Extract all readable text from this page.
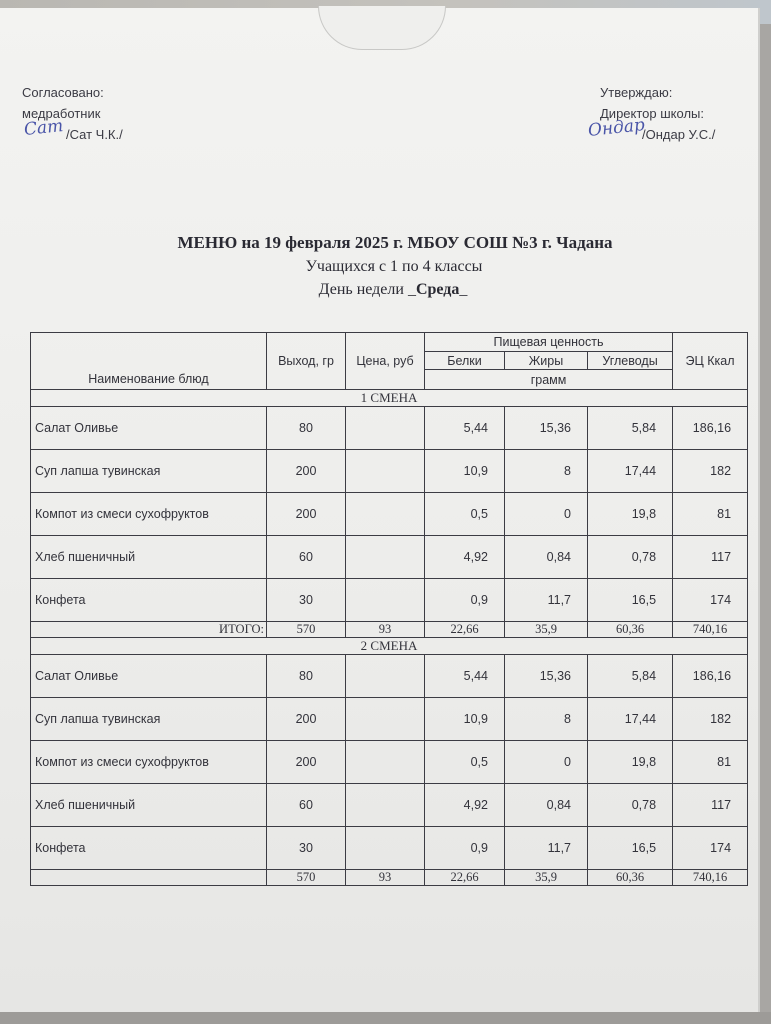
Согласовано:
медработник
Сат /Сат Ч.К./
Утверждаю:
Директор школы:
Ондар
/Ондар У.С./
МЕНЮ на 19 февраля 2025 г. МБОУ СОШ №3 г. Чадана
Учащихся с 1 по 4 классы
День недели _Среда_
Наименование блюд	Выход, гр	Цена, руб	Пищевая ценность			ЭЦ Ккал
			Белки	Жиры	Углеводы	
			грамм			
1 СМЕНА						
Салат Оливье	80		5,44	15,36	5,84	186,16
Суп лапша тувинская	200		10,9	8	17,44	182
Компот из смеси сухофруктов	200		0,5	0	19,8	81
Хлеб пшеничный	60		4,92	0,84	0,78	117
Конфета	30		0,9	11,7	16,5	174
ИТОГО:	570	93	22,66	35,9	60,36	740,16
2 СМЕНА						
Салат Оливье	80		5,44	15,36	5,84	186,16
Суп лапша тувинская	200		10,9	8	17,44	182
Компот из смеси сухофруктов	200		0,5	0	19,8	81
Хлеб пшеничный	60		4,92	0,84	0,78	117
Конфета	30		0,9	11,7	16,5	174
	570	93	22,66	35,9	60,36	740,16
